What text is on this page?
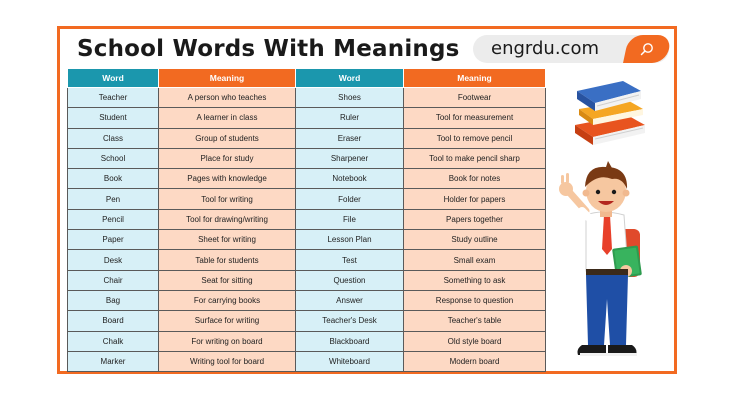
School Words With Meanings engrdu.com
Word	Meaning	Word	Meaning
Teacher	A person who teaches	Shoes	Footwear
Student	A learner in class	Ruler	Tool for measurement
Class	Group of students	Eraser	Tool to remove pencil
School	Place for study	Sharpener	Tool to make pencil sharp
Book	Pages with knowledge	Notebook	Book for notes
Pen	Tool for writing	Folder	Holder for papers
Pencil	Tool for drawing/writing	File	Papers together
Paper	Sheet for writing	Lesson Plan	Study outline
Desk	Table for students	Test	Small exam
Chair	Seat for sitting	Question	Something to ask
Bag	For carrying books	Answer	Response to question
Board	Surface for writing	Teacher's Desk	Teacher's table
Chalk	For writing on board	Blackboard	Old style board
Marker	Writing tool for board	Whiteboard	Modern board
